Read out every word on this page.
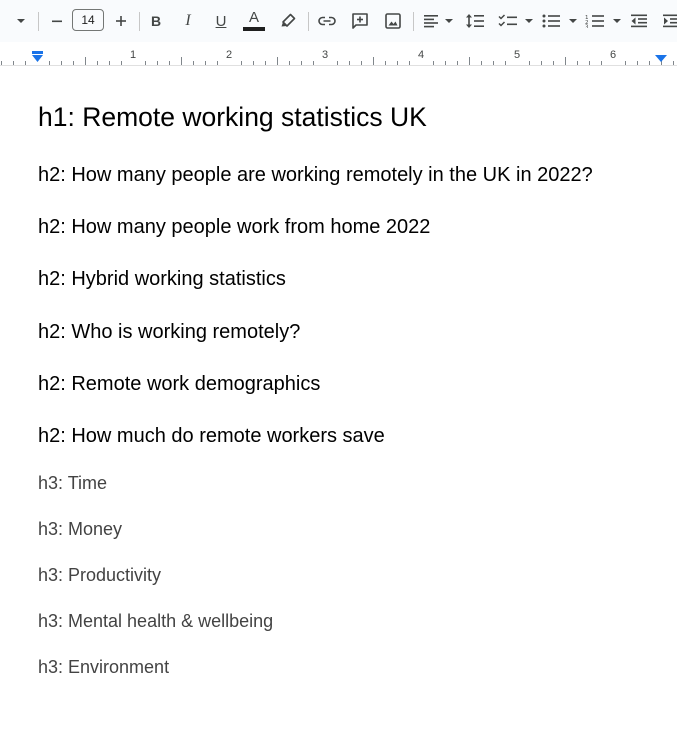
14	B I U A	1
2
3
1	2	3	4	5	6
h1: Remote working statistics UK
h2: How many people are working remotely in the UK in 2022?
h2: How many people work from home 2022
h2: Hybrid working statistics
h2: Who is working remotely?
h2: Remote work demographics
h2: How much do remote workers save
h3: Time
h3: Money
h3: Productivity
h3: Mental health & wellbeing
h3: Environment
